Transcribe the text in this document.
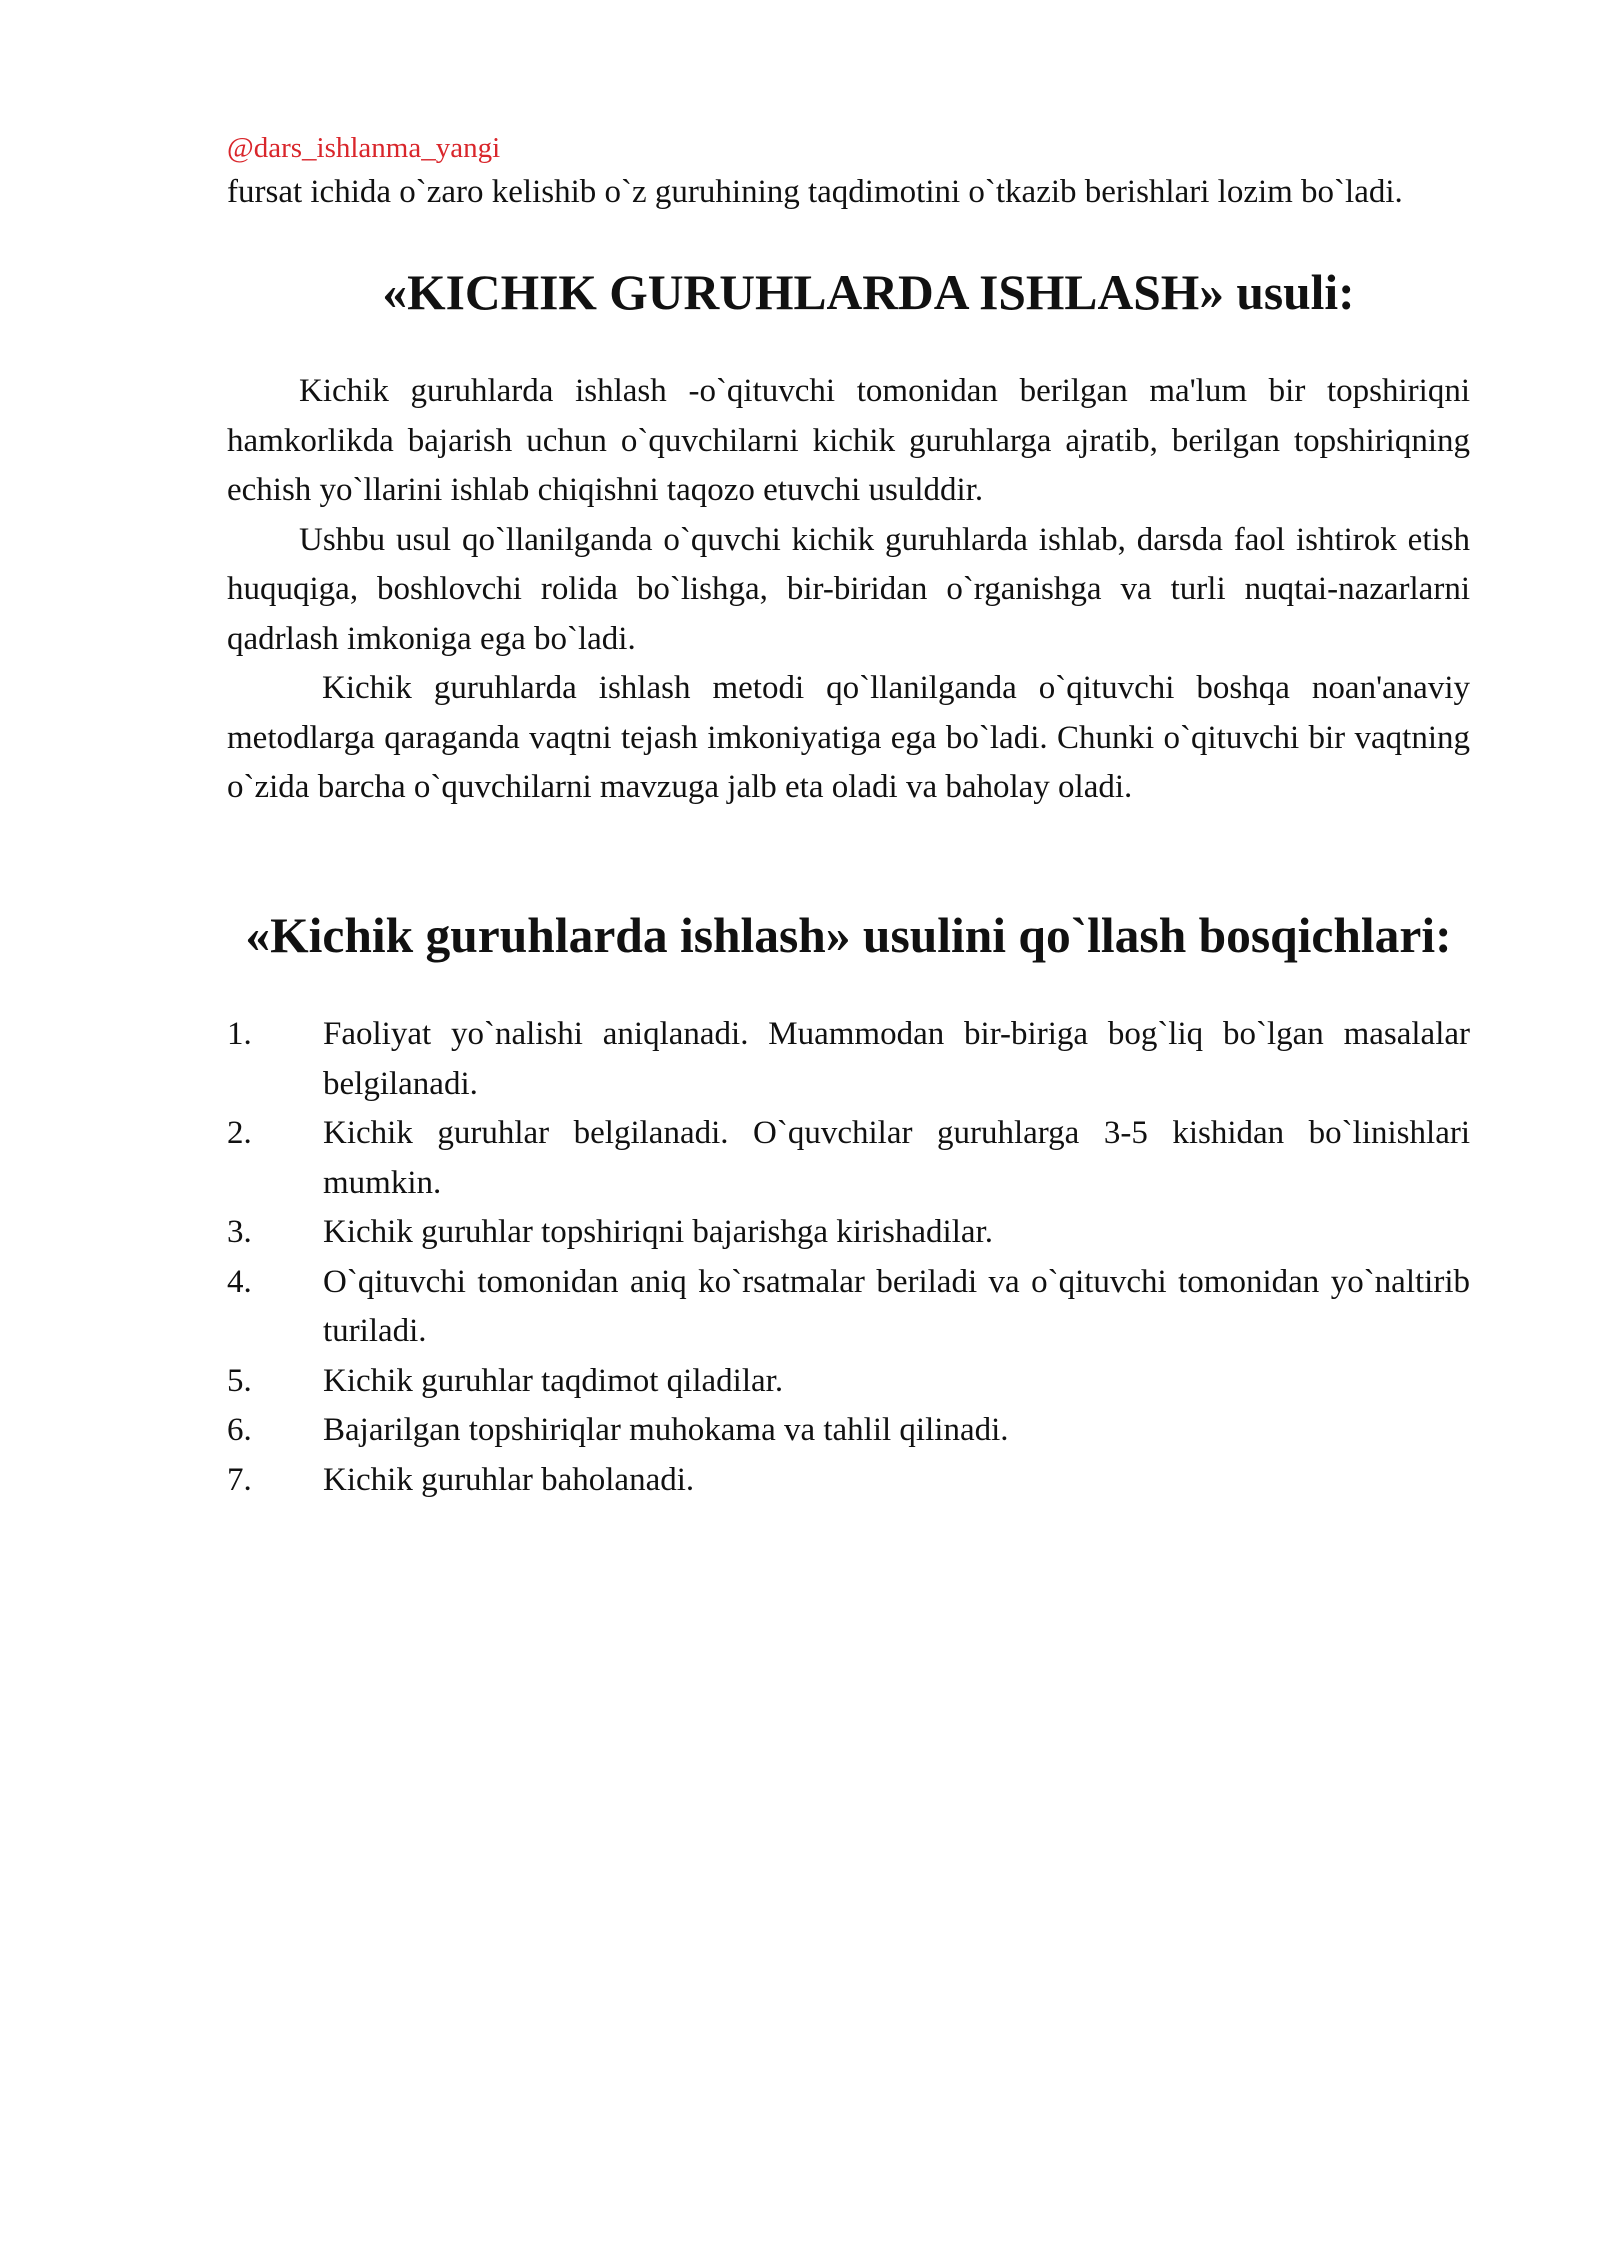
@dars_ishlanma_yangi

fursat ichida o`zaro kelishib o`z guruhining taqdimotini o`tkazib berishlari lozim bo`ladi.

«KICHIK GURUHLARDA ISHLASH» usuli:

Kichik guruhlarda ishlash -o`qituvchi tomonidan berilgan ma'lum bir topshiriqni hamkorlikda bajarish uchun o`quvchilarni kichik guruhlarga ajratib, berilgan topshiriqning echish yo`llarini ishlab chiqishni taqozo etuvchi usulddir.

Ushbu usul qo`llanilganda o`quvchi kichik guruhlarda ishlab, darsda faol ishtirok etish huquqiga, boshlovchi rolida bo`lishga, bir-biridan o`rganishga va turli nuqtai-nazarlarni qadrlash imkoniga ega bo`ladi.

Kichik guruhlarda ishlash metodi qo`llanilganda o`qituvchi boshqa noan'anaviy metodlarga qaraganda vaqtni tejash imkoniyatiga ega bo`ladi. Chunki o`qituvchi bir vaqtning o`zida barcha o`quvchilarni mavzuga jalb eta oladi va baholay oladi.

«Kichik guruhlarda ishlash» usulini qo`llash bosqichlari:
1.	Faoliyat yo`nalishi aniqlanadi. Muammodan bir-biriga bog`liq bo`lgan masalalar belgilanadi.
2.	Kichik guruhlar belgilanadi. O`quvchilar guruhlarga 3-5 kishidan bo`linishlari mumkin.
3.	Kichik guruhlar topshiriqni bajarishga kirishadilar.
4.	O`qituvchi tomonidan aniq ko`rsatmalar beriladi va o`qituvchi tomonidan yo`naltirib turiladi.
5.	Kichik guruhlar taqdimot qiladilar.
6.	Bajarilgan topshiriqlar muhokama va tahlil qilinadi.
7.	Kichik guruhlar baholanadi.
